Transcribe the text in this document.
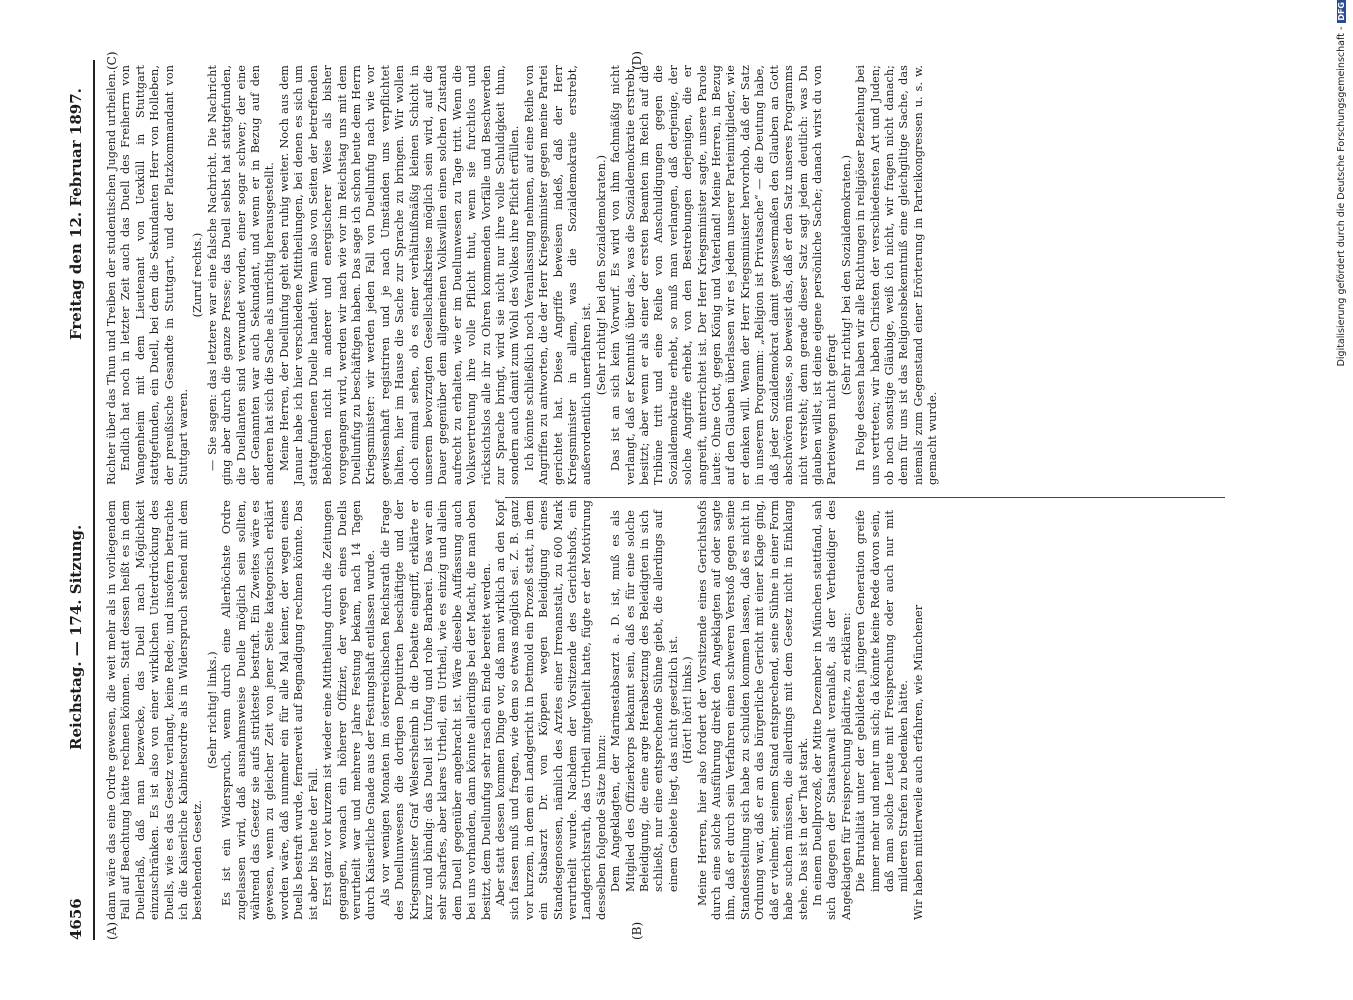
4656
Reichstag. — 174. Sitzung.
Freitag den 12. Februar 1897.
(A)	(B)
(C)	(D)

dann wäre das eine Ordre gewesen, die weit mehr als in vorliegendem Fall auf Beachtung hätte rechnen können. Statt dessen heißt es in dem Duellerlaß, daß man bezwecke, das Duell nach Möglichkeit einzuschränken. Es ist also von einer wirklichen Unterdrückung des Duells, wie es das Gesetz verlangt, keine Rede; und insofern betrachte ich die Kaiserliche Kabinetsordre als in Widerspruch stehend mit dem bestehenden Gesetz.

(Sehr richtig! links.) Es ist ein Widerspruch, wenn durch eine Allerhöchste Ordre zugelassen wird, daß ausnahmsweise Duelle möglich sein sollten, während das Gesetz sie aufs strikteste bestraft. Ein Zweites wäre es gewesen, wenn zu gleicher Zeit von jener Seite kategorisch erklärt worden wäre, daß nunmehr ein für alle Mal keiner, der wegen eines Duells bestraft wurde, fernerweit auf Begnadigung rechnen könnte. Das ist aber bis heute der Fall. Erst ganz vor kurzem ist wieder eine Mittheilung durch die Zeitungen gegangen, wonach ein höherer Offizier, der wegen eines Duells verurtheilt war und mehrere Jahre Festung bekam, nach 14 Tagen durch Kaiserliche Gnade aus der Festungshaft entlassen wurde. Als vor wenigen Monaten im österreichischen Reichsrath die Frage des Duellunwesens die dortigen Deputirten beschäftigte und der Kriegsminister Graf Welsersheimb in die Debatte eingriff, erklärte er kurz und bündig: das Duell ist Unfug und rohe Barbarei. Das war ein sehr scharfes, aber klares Urtheil, ein Urtheil, wie es einzig und allein dem Duell gegenüber angebracht ist. Wäre dieselbe Auffassung auch bei uns vorhanden, dann könnte allerdings bei der Macht, die man oben besitzt, dem Duellunfug sehr rasch ein Ende bereitet werden. Aber statt dessen kommen Dinge vor, daß man wirklich an den Kopf sich fassen muß und fragen, wie dem so etwas möglich sei. Z. B. ganz vor kurzem, in dem ein Landgericht in Detmold ein Prozeß statt, in dem ein Stabsarzt Dr. von Köppen wegen Beleidigung eines Standesgenossen, nämlich des Arztes einer Irrenanstalt, zu 600 Mark verurtheilt wurde. Nachdem der Vorsitzende des Gerichtshofs, ein Landgerichtsrath, das Urtheil mitgetheilt hatte, fügte er der Motivirung desselben folgende Sätze hinzu: Dem Angeklagten, der Marinestabsarzt a. D. ist, muß es als Mitglied des Offizierkorps bekannt sein, daß es für eine solche Beleidigung, die eine arge Herabsetzung des Beleidigten in sich schließt, nur eine entsprechende Sühne giebt, die allerdings auf einem Gebiete liegt, das nicht gesetzlich ist. (Hört! hört! links.) Meine Herren, hier also fordert der Vorsitzende eines Gerichtshofs durch eine solche Ausführung direkt den Angeklagten auf oder sagte ihm, daß er durch sein Verfahren einen schweren Verstoß gegen seine Standesstellung sich habe zu schulden kommen lassen, daß es nicht in Ordnung war, daß er an das bürgerliche Gericht mit einer Klage ging, daß er vielmehr, seinem Stand entsprechend, seine Sühne in einer Form habe suchen müssen, die allerdings mit dem Gesetz nicht in Einklang stehe. Das ist in der That stark. In einem Duellprozeß, der Mitte Dezember in München stattfand, sah sich dagegen der Staatsanwalt veranlaßt, als der Vertheidiger des Angeklagten für Freisprechung plädirte, zu erklären: Die Brutalität unter der gebildeten jüngeren Generation greife immer mehr und mehr um sich; da könnte keine Rede davon sein, daß man solche Leute mit Freisprechung oder auch nur mit milderen Strafen zu bedenken hätte. Wir haben mittlerweile auch erfahren, wie Münchener

Richter über das Thun und Treiben der studentischen Jugend urtheilen. Endlich hat noch in letzter Zeit auch das Duell des Freiherrn von Wangenheim mit dem Lieutenant von Uexküll in Stuttgart stattgefunden, ein Duell, bei dem die Sekundanten Herr von Holleben, der preußische Gesandte in Stuttgart, und der Platzkommandant von Stuttgart waren.

(Zuruf rechts.) — Sie sagen: das letztere war eine falsche Nachricht. Die Nachricht ging aber durch die ganze Presse; das Duell selbst hat stattgefunden, die Duellanten sind verwundet worden, einer sogar schwer; der eine der Genannten war auch Sekundant, und wenn er in Bezug auf den anderen hat sich die Sache als unrichtig herausgestellt. Meine Herren, der Duellunfug geht eben ruhig weiter. Noch aus dem Januar habe ich hier verschiedene Mittheilungen, bei denen es sich um stattgefundenen Duelle handelt. Wenn also von Seiten der betreffenden Behörden nicht in anderer und energischerer Weise als bisher vorgegangen wird, werden wir nach wie vor im Reichstag uns mit dem Duellunfug zu beschäftigen haben. Das sage ich schon heute dem Herrn Kriegsminister: wir werden jeden Fall von Duellunfug nach wie vor gewissenhaft registriren und je nach Umständen uns verpflichtet halten, hier im Hause die Sache zur Sprache zu bringen. Wir wollen doch einmal sehen, ob es einer verhältnißmäßig kleinen Schicht in unserem bevorzugten Gesellschaftskreise möglich sein wird, auf die Dauer gegenüber dem allgemeinen Volkswillen einen solchen Zustand aufrecht zu erhalten, wie er im Duellunwesen zu Tage tritt. Wenn die Volksvertretung ihre volle Pflicht thut, wenn sie furchtlos und rücksichtslos alle ihr zu Ohren kommenden Vorfälle und Beschwerden zur Sprache bringt, wird sie nicht nur ihre volle Schuldigkeit thun, sondern auch damit zum Wohl des Volkes ihre Pflicht erfüllen. Ich könnte schließlich noch Veranlassung nehmen, auf eine Reihe von Angriffen zu antworten, die der Herr Kriegsminister gegen meine Partei gerichtet hat. Diese Angriffe beweisen indeß, daß der Herr Kriegsminister in allem, was die Sozialdemokratie erstrebt, außerordentlich unerfahren ist. (Sehr richtig! bei den Sozialdemokraten.) Das ist an sich kein Vorwurf. Es wird von ihm fachmäßig nicht verlangt, daß er Kenntniß über das, was die Sozialdemokratie erstrebt, besitzt; aber wenn er als einer der ersten Beamten im Reich auf die Tribüne tritt und eine Reihe von Anschuldigungen gegen die Sozialdemokratie erhebt, so muß man verlangen, daß derjenige, der solche Angriffe erhebt, von den Bestrebungen derjenigen, die er angreift, unterrichtet ist. Der Herr Kriegsminister sagte, unsere Parole laute: Ohne Gott, gegen König und Vaterland! Meine Herren, in Bezug auf den Glauben überlassen wir es jedem unserer Parteimitglieder, wie er denken will. Wenn der Herr Kriegsminister hervorhob, daß der Satz in unserem Programm: „Religion ist Privatsache“ — die Deutung habe, daß jeder Sozialdemokrat damit gewissermaßen den Glauben an Gott abschwören müsse, so beweist das, daß er den Satz unseres Programms nicht versteht; denn gerade dieser Satz sagt jedem deutlich: was Du glauben willst, ist deine eigene persönliche Sache; danach wirst du von Parteiwegen nicht gefragt

(Sehr richtig! bei den Sozialdemokraten.) In Folge dessen haben wir alle Richtungen in religiöser Beziehung bei uns vertreten; wir haben Christen der verschiedensten Art und Juden; ob noch sonstige Gläubige, weiß ich nicht, wir fragen nicht danach; denn für uns ist das Religionsbekenntniß eine gleichgiltige Sache, das niemals zum Gegenstand einer Erörterung in Parteikongressen u. s. w. gemacht wurde.

Digitalisierung gefördert durch die Deutsche Forschungsgemeinschaft -DFG
